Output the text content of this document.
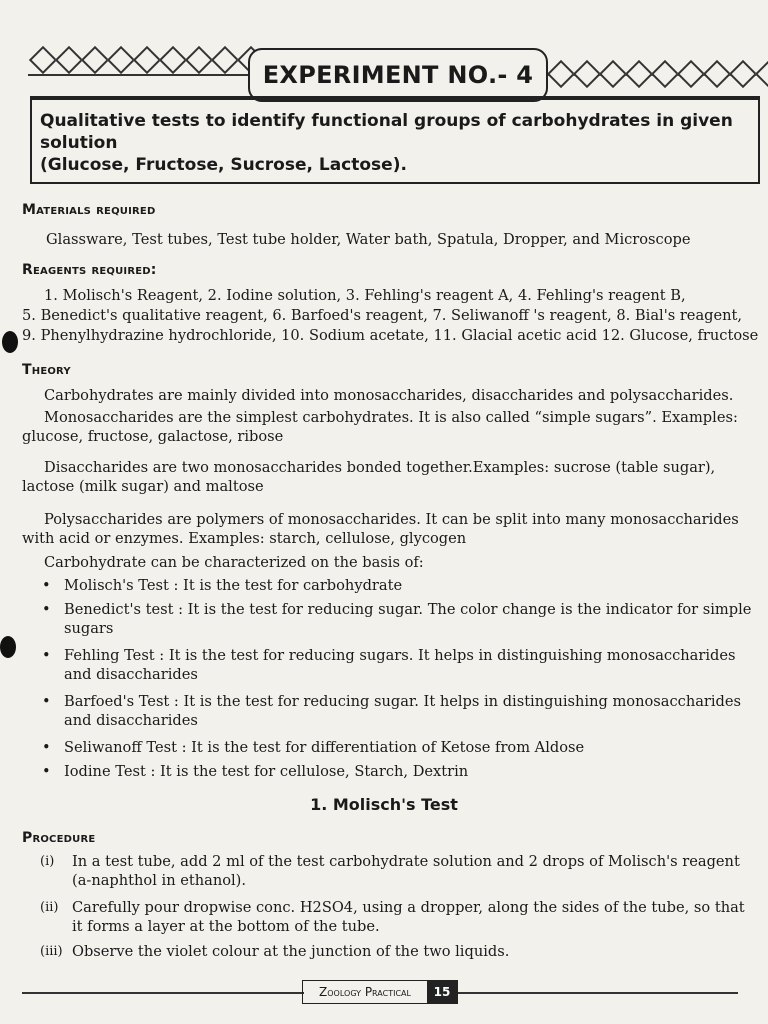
EXPERIMENT NO.- 4
Qualitative tests to identify functional groups of carbohydrates in given solution
(Glucose, Fructose, Sucrose, Lactose).
Materials required
Glassware, Test tubes, Test tube holder, Water bath, Spatula, Dropper, and Microscope
Reagents required:
1. Molisch's Reagent, 2. Iodine solution, 3. Fehling's reagent A, 4. Fehling's reagent B,
5. Benedict's qualitative reagent, 6. Barfoed's reagent, 7. Seliwanoff 's reagent, 8. Bial's reagent,
9. Phenylhydrazine hydrochloride, 10. Sodium acetate, 11. Glacial acetic acid 12. Glucose, fructose
Theory
Carbohydrates are mainly divided into monosaccharides, disaccharides and polysaccharides.
Monosaccharides are the simplest carbohydrates. It is also called “simple sugars”. Examples: glucose, fructose, galactose, ribose
Disaccharides are two monosaccharides bonded together.Examples: sucrose (table sugar), lactose (milk sugar) and maltose
Polysaccharides are polymers of monosaccharides. It can be split into many monosaccharides with acid or enzymes. Examples: starch, cellulose, glycogen
Carbohydrate can be characterized on the basis of:
• Molisch's Test : It is the test for carbohydrate
• Benedict's test : It is the test for reducing sugar. The color change is the indicator for simple sugars
• Fehling Test : It is the test for reducing sugars. It helps in distinguishing monosaccharides and disaccharides
• Barfoed's Test : It is the test for reducing sugar. It helps in distinguishing monosaccharides and disaccharides
• Seliwanoff Test : It is the test for differentiation of Ketose from Aldose
• Iodine Test : It is the test for cellulose, Starch, Dextrin
1. Molisch's Test
Procedure
(i)	In a test tube, add 2 ml of the test carbohydrate solution and 2 drops of Molisch's reagent (a-naphthol in ethanol).
(ii) Carefully pour dropwise conc. H2SO4, using a dropper, along the sides of the tube, so that it forms a layer at the bottom of the tube.
(iii) Observe the violet colour at the junction of the two liquids.
Zoology Practical	15
